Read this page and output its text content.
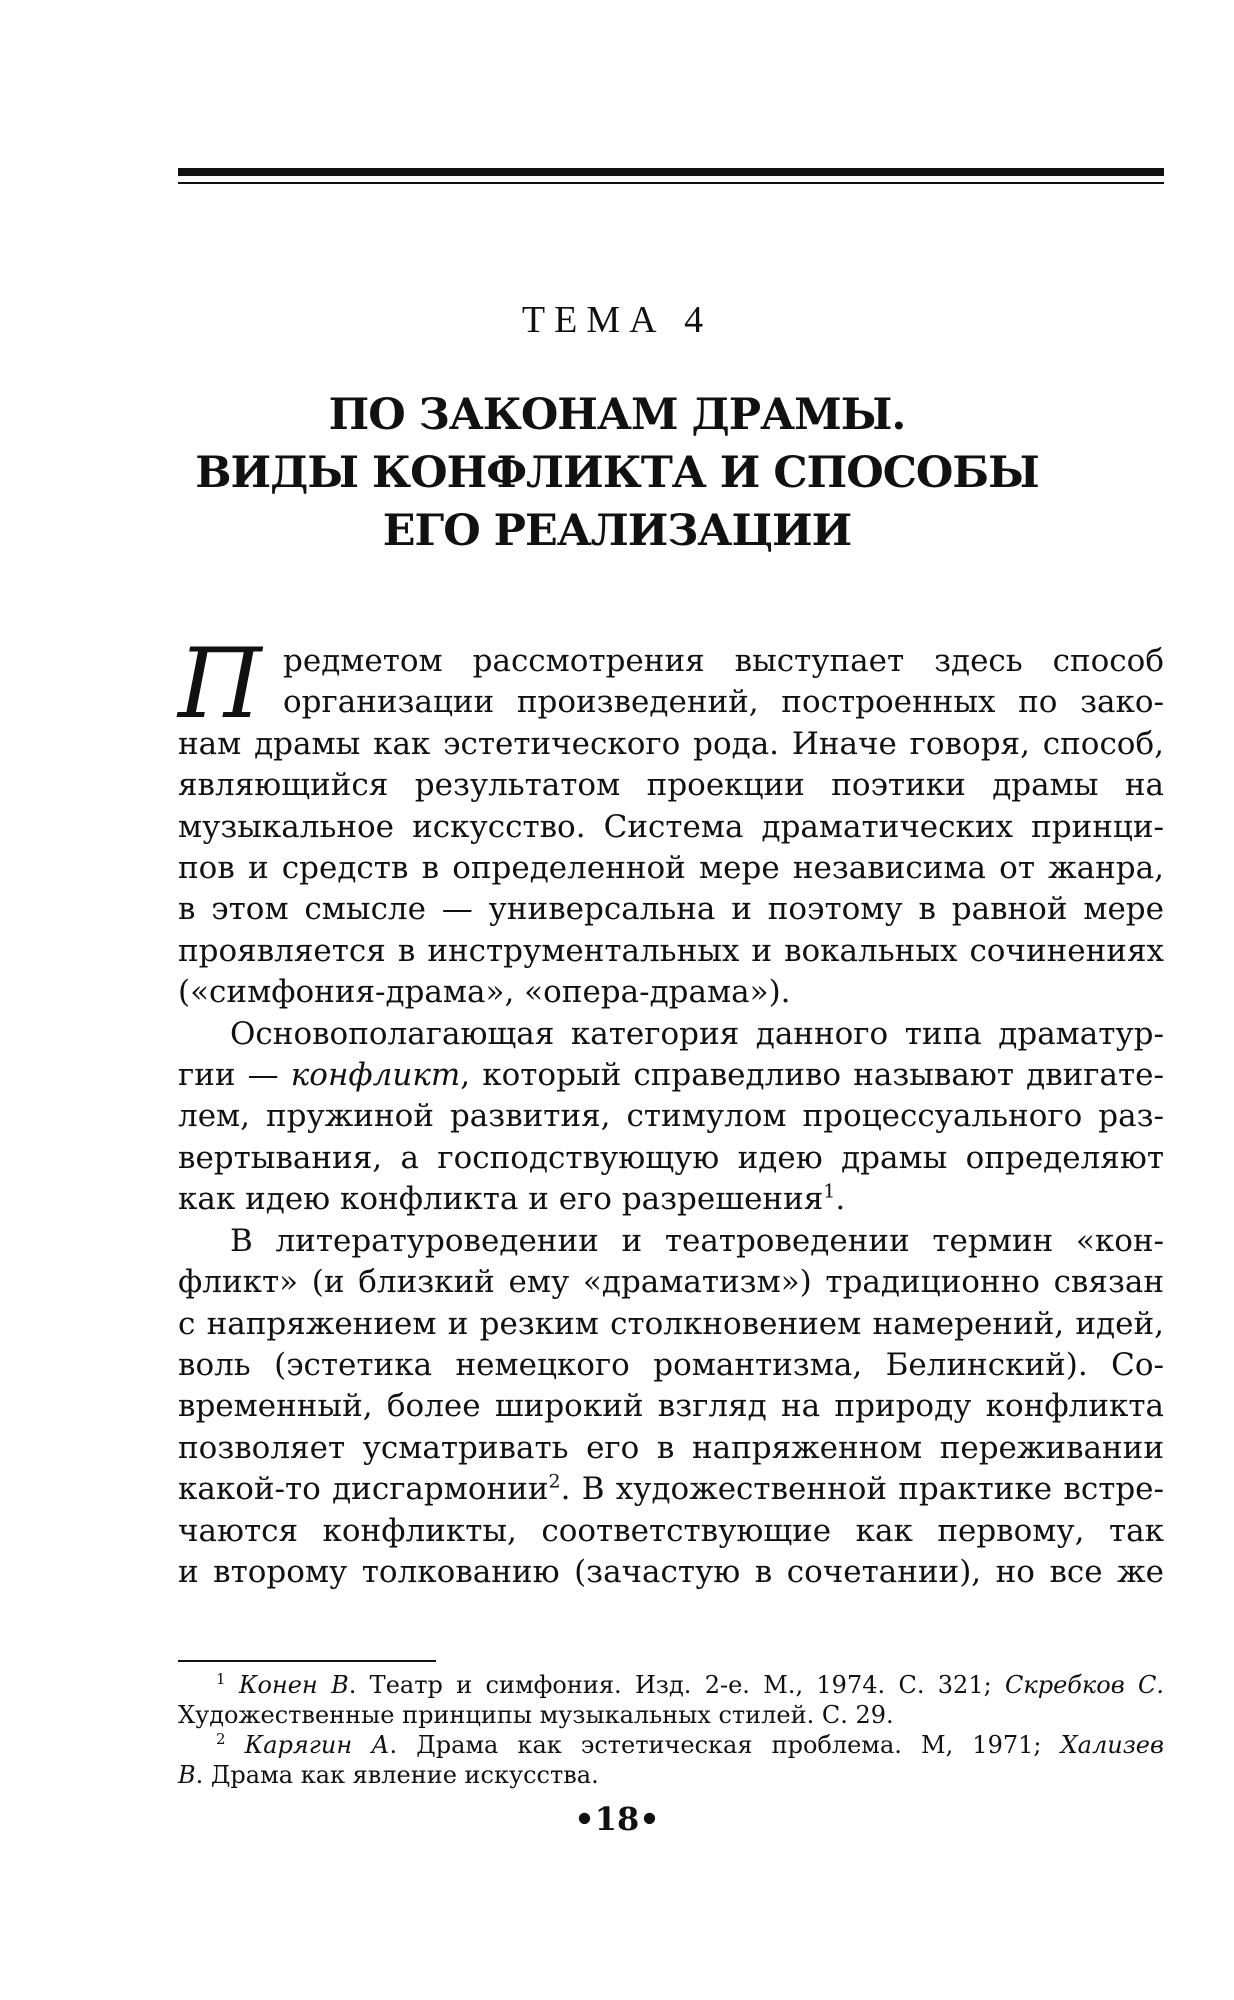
ТЕМА 4
ПО ЗАКОНАМ ДРАМЫ.
ВИДЫ КОНФЛИКТА И СПОСОБЫ
ЕГО РЕАЛИЗАЦИИ
П редметом рассмотрения выступает здесь способ
организации произведений, построенных по зако-
нам драмы как эстетического рода. Иначе говоря, способ,
являющийся результатом проекции поэтики драмы на
музыкальное искусство. Система драматических принци-
пов и средств в определенной мере независима от жанра,
в этом смысле — универсальна и поэтому в равной мере
проявляется в инструментальных и вокальных сочинениях
(«симфония-драма», «опера-драма»).
Основополагающая категория данного типа драматур-
гии — конфликт, который справедливо называют двигате-
лем, пружиной развития, стимулом процессуального раз-
вертывания, а господствующую идею драмы определяют
как идею конфликта и его разрешения$^1$.
В литературоведении и театроведении термин «кон-
фликт» (и близкий ему «драматизм») традиционно связан
с напряжением и резким столкновением намерений, идей,
воль (эстетика немецкого романтизма, Белинский). Со-
временный, более широкий взгляд на природу конфликта
позволяет усматривать его в напряженном переживании
какой-то дисгармонии$^2$. В художественной практике встре-
чаются конфликты, соответствующие как первому, так
и второму толкованию (зачастую в сочетании), но все же
$^1$ Конен В. Театр и симфония. Изд. 2-е. М., 1974. С. 321; Скребков С.
Художественные принципы музыкальных стилей. С. 29.
$^2$ Карягин А. Драма как эстетическая проблема. М, 1971; Хализев
В. Драма как явление искусства.
•18•
